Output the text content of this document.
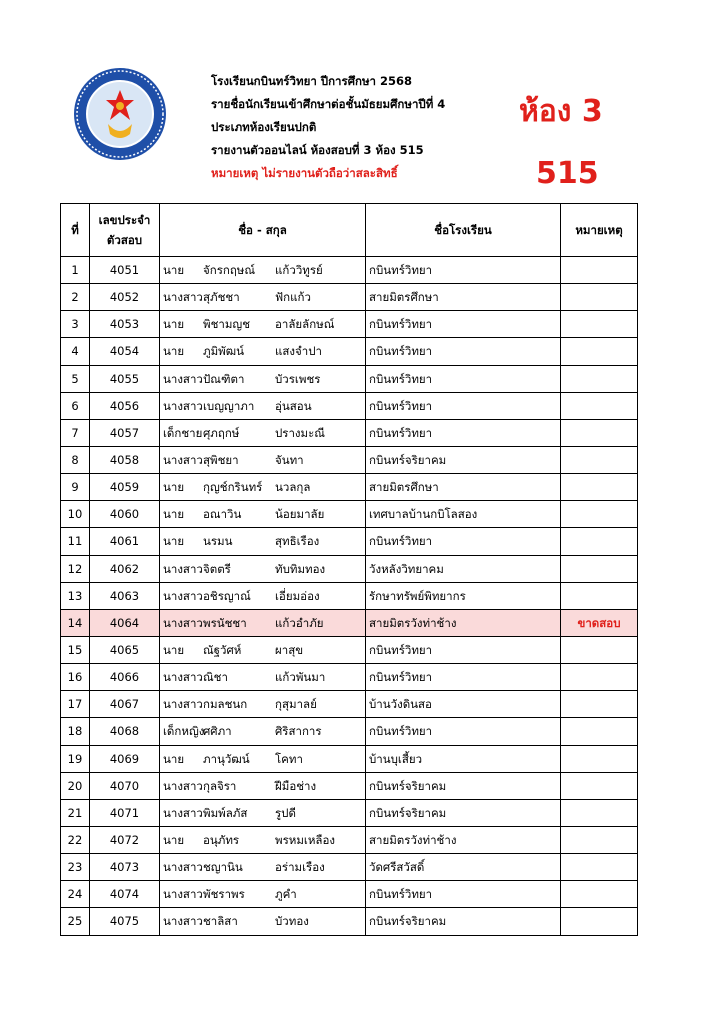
โรงเรียนกบินทร์วิทยา ปีการศึกษา 2568
รายชื่อนักเรียนเข้าศึกษาต่อชั้นมัธยมศึกษาปีที่ 4
ประเภทห้องเรียนปกติ
รายงานตัวออนไลน์ ห้องสอบที่ 3 ห้อง 515
หมายเหตุ ไม่รายงานตัวถือว่าสละสิทธิ์
ห้อง 3
515
ที่	เลขประจำตัวสอบ	ชื่อ - สกุล	ชื่อโรงเรียน	หมายเหตุ
1	4051	นาย จักรกฤษณ์ แก้ววิทูรย์	กบินทร์วิทยา	
2	4052	นางสาวสุภัชชา ฟักแก้ว	สายมิตรศึกษา	
3	4053	นาย พิชามญช อาลัยลักษณ์	กบินทร์วิทยา	
4	4054	นาย ภูมิพัฒน์ แสงจำปา	กบินทร์วิทยา	
5	4055	นางสาวปัณฑิตา บัวรเพชร	กบินทร์วิทยา	
6	4056	นางสาวเบญญาภา อุ่นสอน	กบินทร์วิทยา	
7	4057	เด็กชายศุภฤกษ์ ปรางมะณี	กบินทร์วิทยา	
8	4058	นางสาวสุพิชยา จันทา	กบินทร์จริยาคม	
9	4059	นาย กุญช์กรินทร์ นวลกุล	สายมิตรศึกษา	
10	4060	นาย อณาวิน น้อยมาลัย	เทศบาลบ้านกบิโลสอง	
11	4061	นาย นรมน สุทธิเรือง	กบินทร์วิทยา	
12	4062	นางสาวจิตตรี ทับทิมทอง	วังหลังวิทยาคม	
13	4063	นางสาวอชิรญาณ์ เอี่ยมอ่อง	รักษาทรัพย์พิทยากร	
14	4064	นางสาวพรนัชชา แก้วอำภัย	สายมิตรวังท่าช้าง	ขาดสอบ
15	4065	นาย ณัฐวัศห์ ผาสุข	กบินทร์วิทยา	
16	4066	นางสาวณิชา แก้วพันมา	กบินทร์วิทยา	
17	4067	นางสาวกมลชนก กุสุมาลย์	บ้านวังดินสอ	
18	4068	เด็กหญิงศศิภา ศิริสาการ	กบินทร์วิทยา	
19	4069	นาย ภานุวัฒน์ โคทา	บ้านบุเสี้ยว	
20	4070	นางสาวกุลจิรา ฝีมือช่าง	กบินทร์จริยาคม	
21	4071	นางสาวพิมพ์ลภัส รูปดี	กบินทร์จริยาคม	
22	4072	นาย อนุภัทร พรหมเหลือง	สายมิตรวังท่าช้าง	
23	4073	นางสาวชญานิน อร่ามเรือง	วัดศรีสวัสดิ์	
24	4074	นางสาวพัชราพร ภูคำ	กบินทร์วิทยา	
25	4075	นางสาวชาลิสา บัวทอง	กบินทร์จริยาคม	
